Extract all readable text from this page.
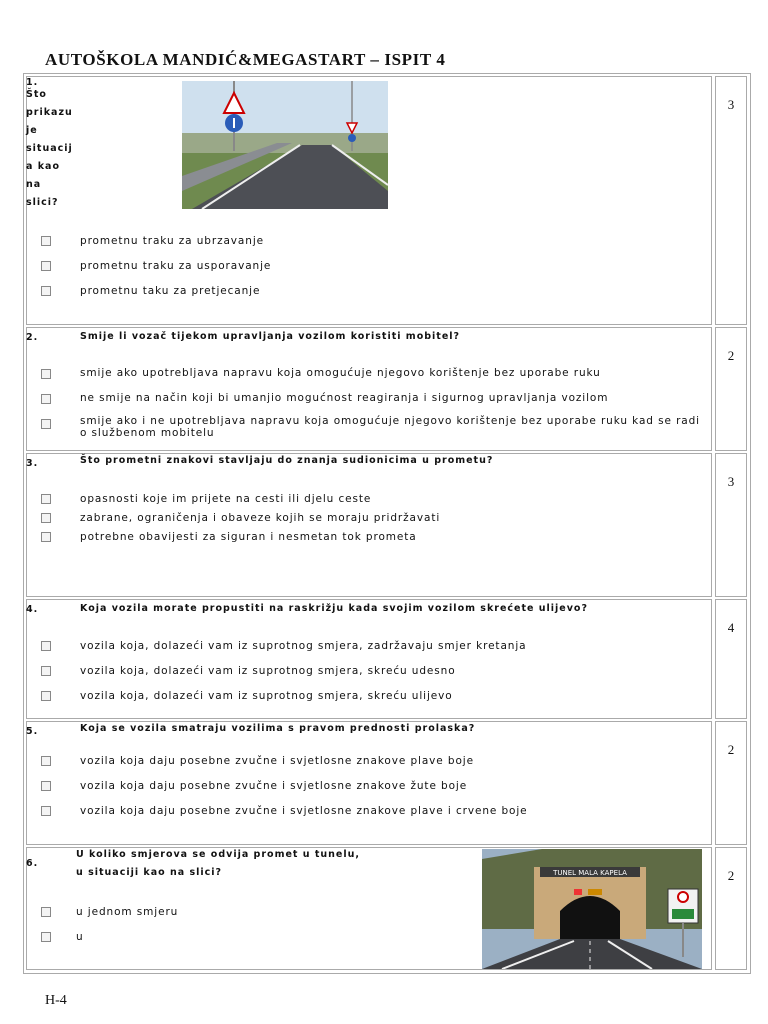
AUTOŠKOLA MANDIĆ&MEGASTART – ISPIT 4
3
1.
Što
prikazu
je
situacij
a kao
na
slici?
prometnu traku za ubrzavanje
prometnu traku za usporavanje
prometnu taku za pretjecanje
2
2.	Smije li vozač tijekom upravljanja vozilom koristiti mobitel?
smije ako upotrebljava napravu koja omogućuje njegovo korištenje bez uporabe ruku
ne smije na način koji bi umanjio mogućnost reagiranja i sigurnog upravljanja vozilom
smije ako i ne upotrebljava napravu koja omogućuje njegovo korištenje bez uporabe ruku kad se radi o službenom mobitelu
3
3.	Što prometni znakovi stavljaju do znanja sudionicima u prometu?
opasnosti koje im prijete na cesti ili djelu ceste
zabrane, ograničenja i obaveze kojih se moraju pridržavati
potrebne obavijesti za siguran i nesmetan tok prometa
4
4.	Koja vozila morate propustiti na raskrižju kada svojim vozilom skrećete ulijevo?
vozila koja, dolazeći vam iz suprotnog smjera, zadržavaju smjer kretanja
vozila koja, dolazeći vam iz suprotnog smjera, skreću udesno
vozila koja, dolazeći vam iz suprotnog smjera, skreću ulijevo
2
5.	Koja se vozila smatraju vozilima s pravom prednosti prolaska?
vozila koja daju posebne zvučne i svjetlosne znakove plave boje
vozila koja daju posebne zvučne i svjetlosne znakove žute boje
vozila koja daju posebne zvučne i svjetlosne znakove plave i crvene boje
2
6.
U koliko smjerova se odvija promet u tunelu,
u situaciji kao na slici?	TUNEL MALA KAPELA
u jednom smjeru
u
H-4
